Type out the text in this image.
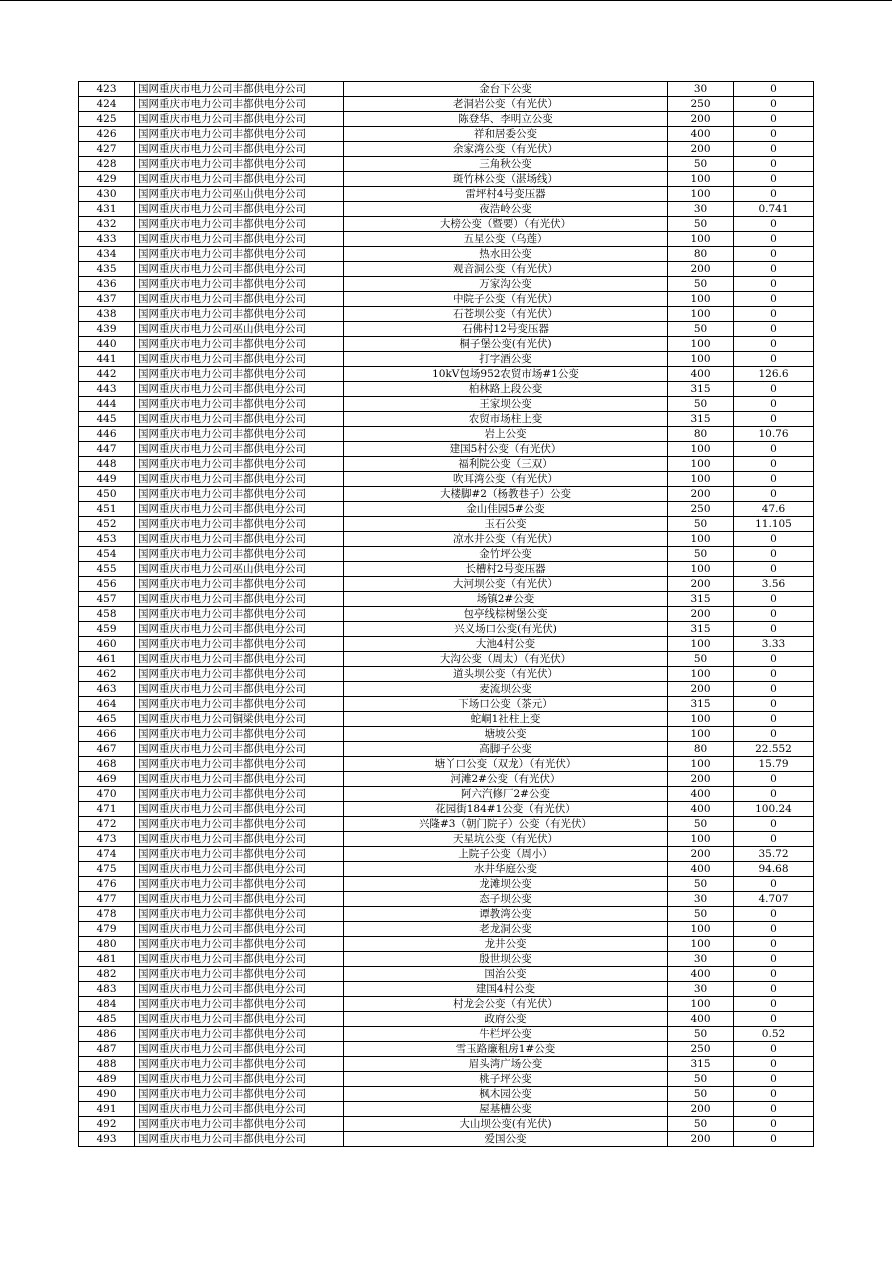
423	国网重庆市电力公司丰都供电分公司	金台下公变	30	0
424	国网重庆市电力公司丰都供电分公司	老洞岩公变（有光伏）	250	0
425	国网重庆市电力公司丰都供电分公司	陈登华、李明立公变	200	0
426	国网重庆市电力公司丰都供电分公司	祥和居委公变	400	0
427	国网重庆市电力公司丰都供电分公司	余家湾公变（有光伏）	200	0
428	国网重庆市电力公司丰都供电分公司	三角秋公变	50	0
429	国网重庆市电力公司丰都供电分公司	斑竹林公变（湛场线）	100	0
430	国网重庆市电力公司巫山供电分公司	雷坪村4号变压器	100	0
431	国网重庆市电力公司丰都供电分公司	夜浩岭公变	30	0.741
432	国网重庆市电力公司丰都供电分公司	大榜公变（暨要）（有光伏）	50	0
433	国网重庆市电力公司丰都供电分公司	五星公变（乌莲）	100	0
434	国网重庆市电力公司丰都供电分公司	热水田公变	80	0
435	国网重庆市电力公司丰都供电分公司	观音洞公变（有光伏）	200	0
436	国网重庆市电力公司丰都供电分公司	万家沟公变	50	0
437	国网重庆市电力公司丰都供电分公司	中院子公变（有光伏）	100	0
438	国网重庆市电力公司丰都供电分公司	石苍坝公变（有光伏）	100	0
439	国网重庆市电力公司巫山供电分公司	石佛村12号变压器	50	0
440	国网重庆市电力公司丰都供电分公司	桐子堡公变(有光伏)	100	0
441	国网重庆市电力公司丰都供电分公司	打字酒公变	100	0
442	国网重庆市电力公司丰都供电分公司	10kV包场952农贸市场#1公变	400	126.6
443	国网重庆市电力公司丰都供电分公司	柏林路上段公变	315	0
444	国网重庆市电力公司丰都供电分公司	王家坝公变	50	0
445	国网重庆市电力公司丰都供电分公司	农贸市场柱上变	315	0
446	国网重庆市电力公司丰都供电分公司	岩上公变	80	10.76
447	国网重庆市电力公司丰都供电分公司	建国5村公变（有光伏）	100	0
448	国网重庆市电力公司丰都供电分公司	福利院公变（三双）	100	0
449	国网重庆市电力公司丰都供电分公司	吹耳湾公变（有光伏）	100	0
450	国网重庆市电力公司丰都供电分公司	大楼脚#2（杨教巷子）公变	200	0
451	国网重庆市电力公司丰都供电分公司	金山佳园5#公变	250	47.6
452	国网重庆市电力公司丰都供电分公司	玉石公变	50	11.105
453	国网重庆市电力公司丰都供电分公司	凉水井公变（有光伏）	100	0
454	国网重庆市电力公司丰都供电分公司	金竹坪公变	50	0
455	国网重庆市电力公司巫山供电分公司	长槽村2号变压器	100	0
456	国网重庆市电力公司丰都供电分公司	大河坝公变（有光伏）	200	3.56
457	国网重庆市电力公司丰都供电分公司	场镇2#公变	315	0
458	国网重庆市电力公司丰都供电分公司	包亭线棕树堡公变	200	0
459	国网重庆市电力公司丰都供电分公司	兴义场口公变(有光伏)	315	0
460	国网重庆市电力公司丰都供电分公司	大池4村公变	100	3.33
461	国网重庆市电力公司丰都供电分公司	大沟公变（周太）（有光伏）	50	0
462	国网重庆市电力公司丰都供电分公司	道头坝公变（有光伏）	100	0
463	国网重庆市电力公司丰都供电分公司	麦流坝公变	200	0
464	国网重庆市电力公司丰都供电分公司	下场口公变（茶元）	315	0
465	国网重庆市电力公司铜梁供电分公司	蛇峒1社柱上变	100	0
466	国网重庆市电力公司丰都供电分公司	塘坡公变	100	0
467	国网重庆市电力公司丰都供电分公司	高脚子公变	80	22.552
468	国网重庆市电力公司丰都供电分公司	塘丫口公变（双龙）（有光伏）	100	15.79
469	国网重庆市电力公司丰都供电分公司	河滩2#公变（有光伏）	200	0
470	国网重庆市电力公司丰都供电分公司	阿六汽修厂2#公变	400	0
471	国网重庆市电力公司丰都供电分公司	花园街184#1公变（有光伏）	400	100.24
472	国网重庆市电力公司丰都供电分公司	兴隆#3（朝门院子）公变（有光伏）	50	0
473	国网重庆市电力公司丰都供电分公司	天星坑公变（有光伏）	100	0
474	国网重庆市电力公司丰都供电分公司	上院子公变（周小）	200	35.72
475	国网重庆市电力公司丰都供电分公司	水井华庭公变	400	94.68
476	国网重庆市电力公司丰都供电分公司	龙滩坝公变	50	0
477	国网重庆市电力公司丰都供电分公司	态子坝公变	30	4.707
478	国网重庆市电力公司丰都供电分公司	谭教湾公变	50	0
479	国网重庆市电力公司丰都供电分公司	老龙洞公变	100	0
480	国网重庆市电力公司丰都供电分公司	龙井公变	100	0
481	国网重庆市电力公司丰都供电分公司	殷世坝公变	30	0
482	国网重庆市电力公司丰都供电分公司	国治公变	400	0
483	国网重庆市电力公司丰都供电分公司	建国4村公变	30	0
484	国网重庆市电力公司丰都供电分公司	村龙会公变（有光伏）	100	0
485	国网重庆市电力公司丰都供电分公司	政府公变	400	0
486	国网重庆市电力公司丰都供电分公司	牛栏坪公变	50	0.52
487	国网重庆市电力公司丰都供电分公司	雪玉路廉租房1#公变	250	0
488	国网重庆市电力公司丰都供电分公司	眉头湾广场公变	315	0
489	国网重庆市电力公司丰都供电分公司	桃子坪公变	50	0
490	国网重庆市电力公司丰都供电分公司	枫木园公变	50	0
491	国网重庆市电力公司丰都供电分公司	屋基槽公变	200	0
492	国网重庆市电力公司丰都供电分公司	大山坝公变(有光伏)	50	0
493	国网重庆市电力公司丰都供电分公司	爱国公变	200	0
